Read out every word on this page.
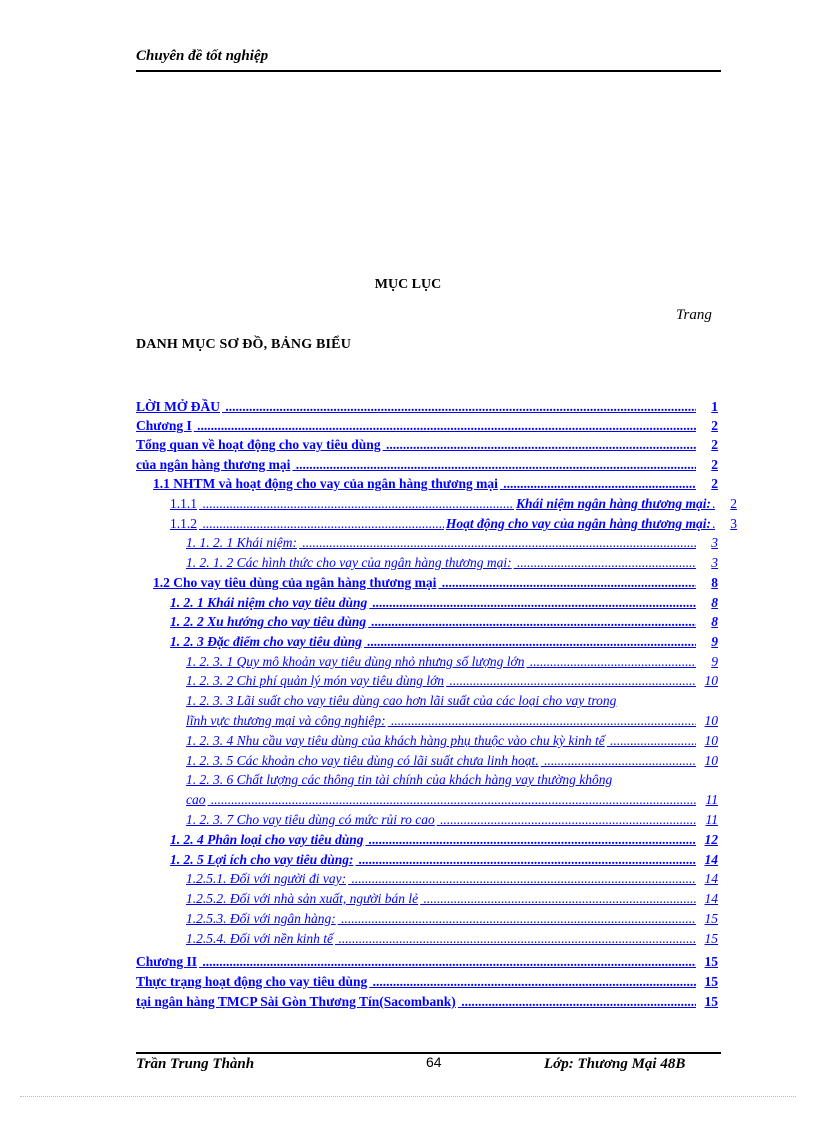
Chuyên đề tốt nghiệp
MỤC LỤC
Trang
DANH MỤC SƠ ĐỒ, BẢNG BIỂU
LỜI MỞ ĐẦU .....	1
Chương I .....	2
Tổng quan về hoạt động cho vay tiêu dùng .....	2
của ngân hàng thương mại .....	2
1.1 NHTM và hoạt động cho vay của ngân hàng thương mại .....	2
1.1.1 .....	Khái niệm ngân hàng thương mại:	2
1.1.2 .....	Hoạt động cho vay của ngân hàng thương mại:	3
1. 1. 2. 1 Khái niệm: .....	3
1. 2. 1. 2 Các hình thức cho vay của ngân hàng thương mại: .....	3
1.2 Cho vay tiêu dùng của ngân hàng thương mại .....	8
1. 2. 1 Khái niệm cho vay tiêu dùng .....	8
1. 2. 2 Xu hướng cho vay tiêu dùng .....	8
1. 2. 3 Đặc điểm cho vay tiêu dùng .....	9
1. 2. 3. 1 Quy mô khoản vay tiêu dùng nhỏ nhưng số lượng lớn .....	9
1. 2. 3. 2 Chi phí quản lý món vay tiêu dùng lớn .....	10
1. 2. 3. 3 Lãi suất cho vay tiêu dùng cao hơn lãi suất của các loại cho vay trong
lĩnh vực thương mại và công nghiệp: .....	10
1. 2. 3. 4 Nhu cầu vay tiêu dùng của khách hàng phụ thuộc vào chu kỳ kinh tế .....	10
1. 2. 3. 5 Các khoản cho vay tiêu dùng có lãi suất chưa linh hoạt. .....	10
1. 2. 3. 6 Chất lượng các thông tin tài chính của khách hàng vay thường không
cao .....	11
1. 2. 3. 7 Cho vay tiêu dùng có mức rủi ro cao .....	11
1. 2. 4 Phân loại cho vay tiêu dùng .....	12
1. 2. 5 Lợi ích cho vay tiêu dùng: .....	14
1.2.5.1. Đối với người đi vay: .....	14
1.2.5.2. Đối với nhà sản xuất, người bán lẻ .....	14
1.2.5.3. Đối với ngân hàng: .....	15
1.2.5.4. Đối với nền kinh tế .....	15
Chương II .....	15
Thực trạng hoạt động cho vay tiêu dùng .....	15
tại ngân hàng TMCP Sài Gòn Thương Tín(Sacombank) .....	15
Trần Trung Thành	64	Lớp: Thương Mại 48B
